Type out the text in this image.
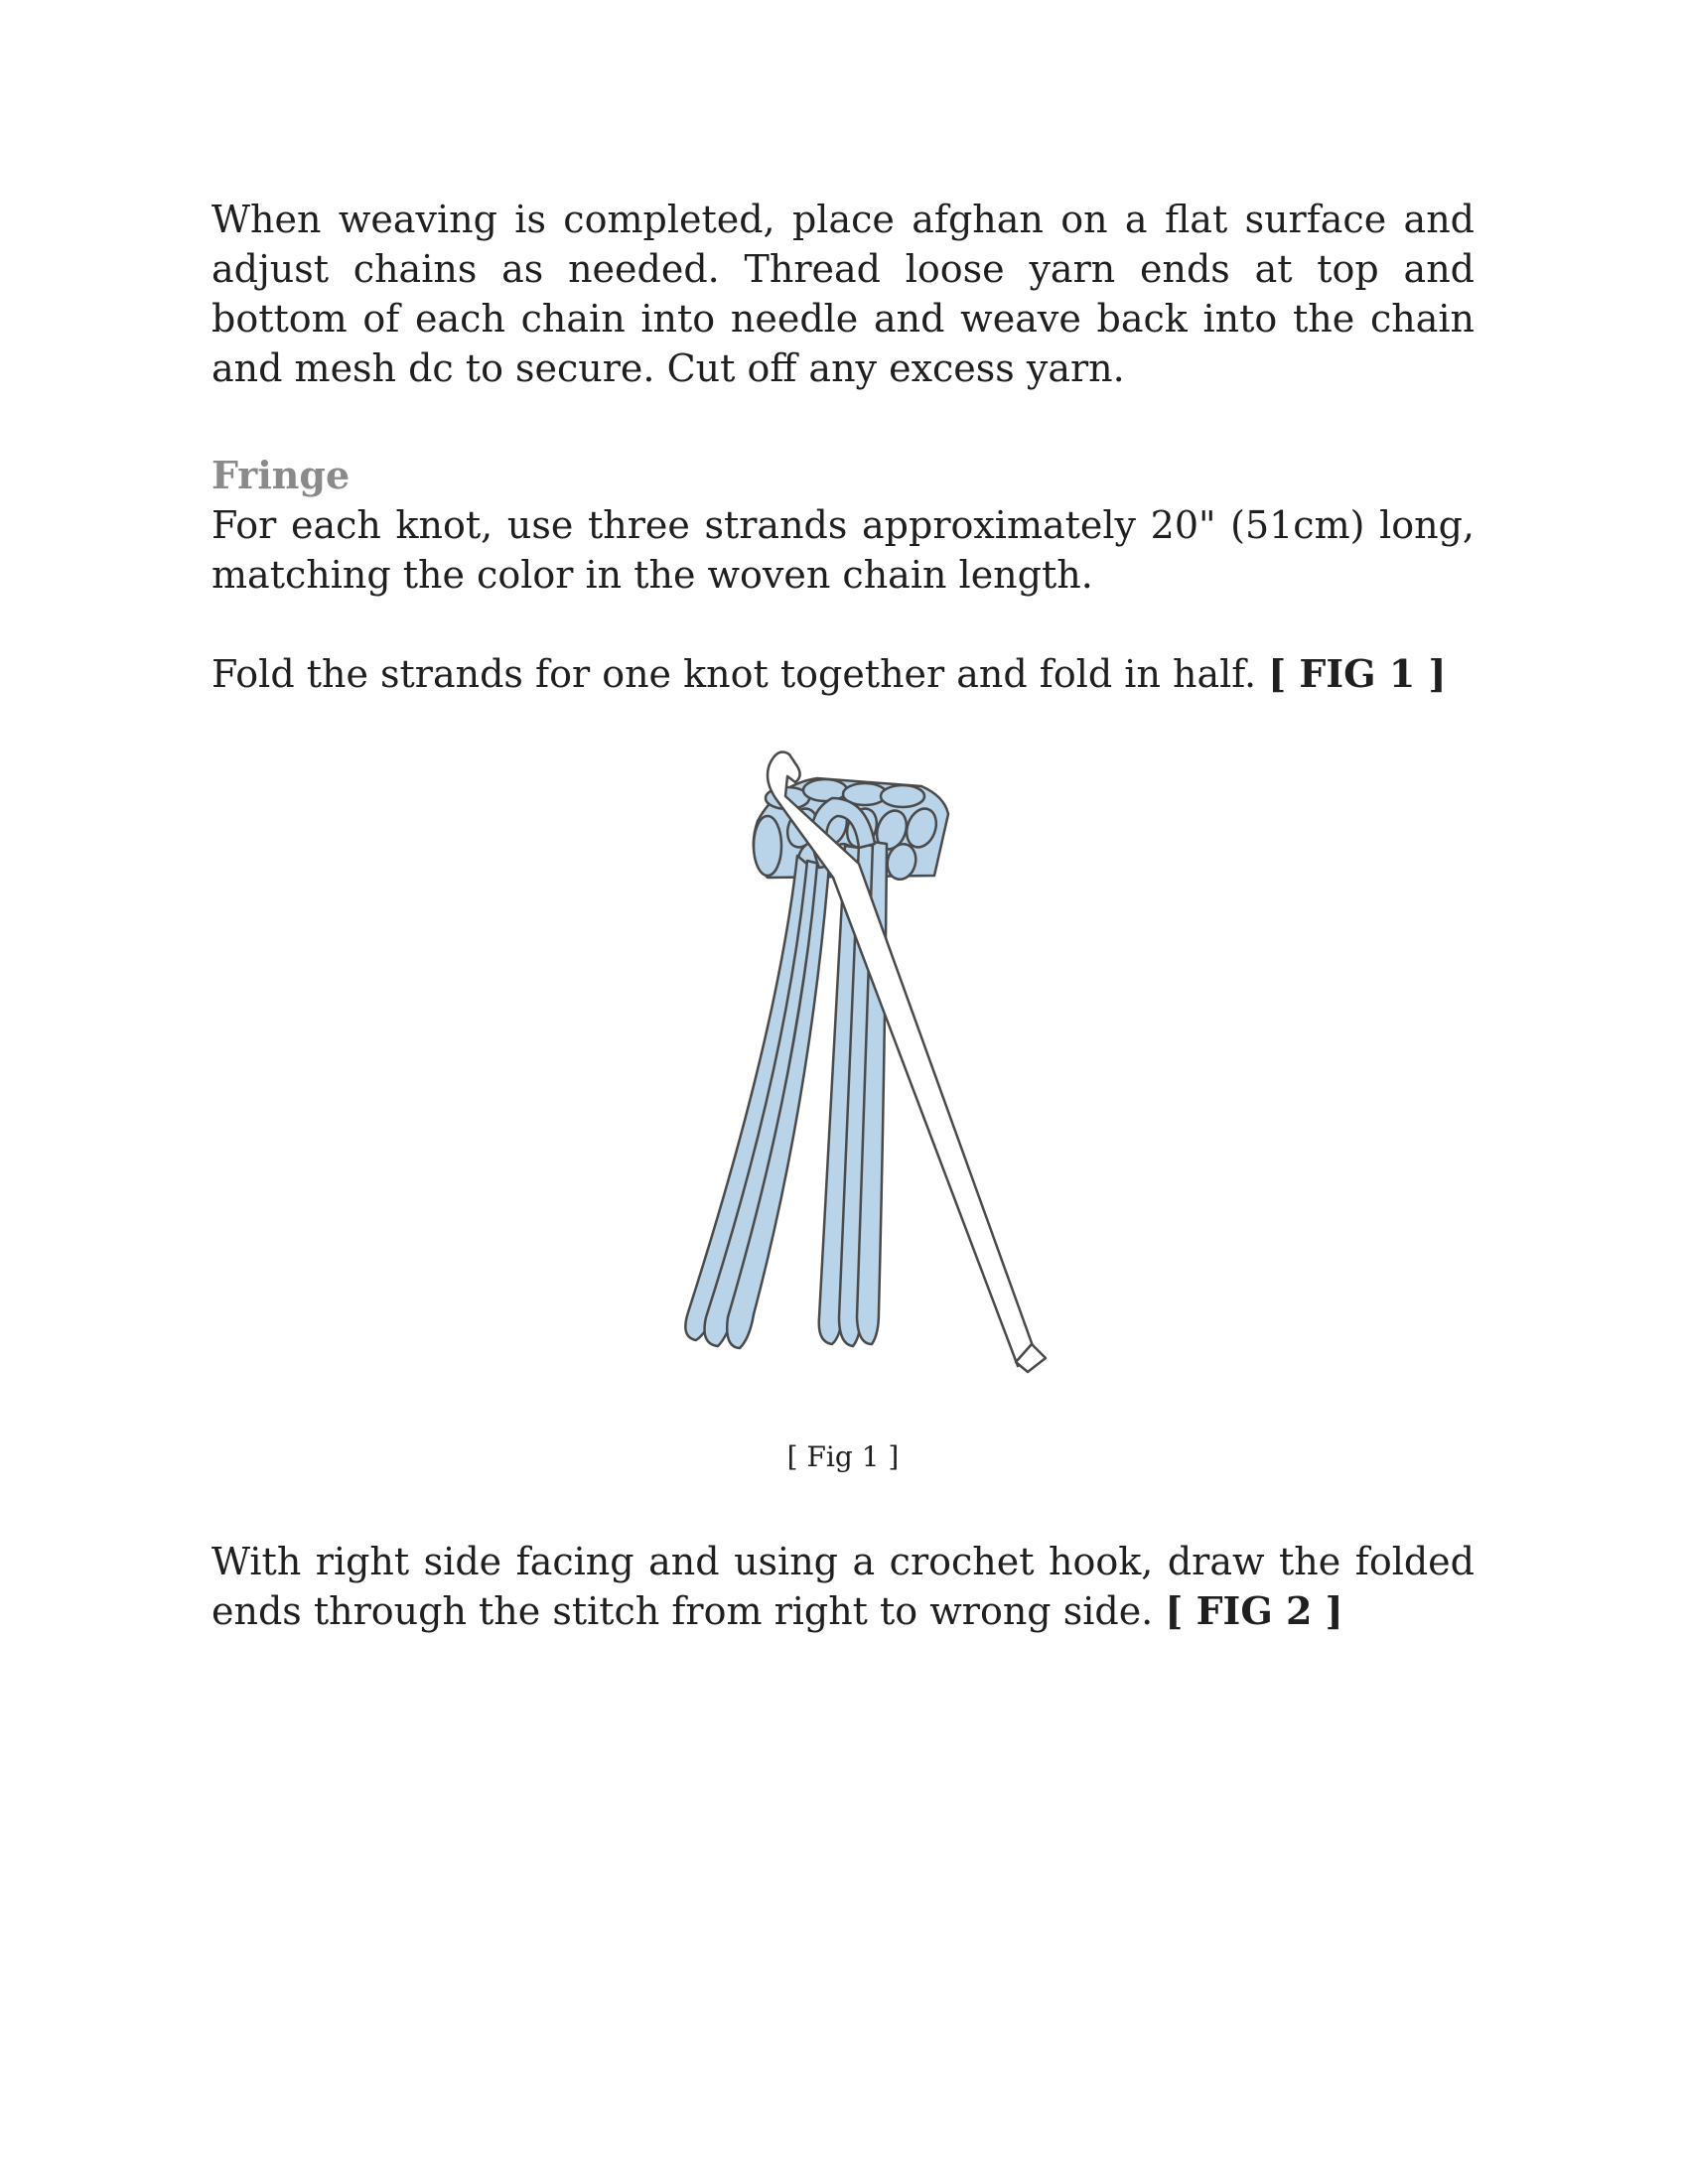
When weaving is completed, place afghan on a flat surface and adjust chains as needed. Thread loose yarn ends at top and bottom of each chain into needle and weave back into the chain and mesh dc to secure. Cut off any excess yarn.

Fringe

For each knot, use three strands approximately 20" (51cm) long, matching the color in the woven chain length.

Fold the strands for one knot together and fold in half. [ FIG 1 ]

[ Fig 1 ]

With right side facing and using a crochet hook, draw the folded ends through the stitch from right to wrong side. [ FIG 2 ]
